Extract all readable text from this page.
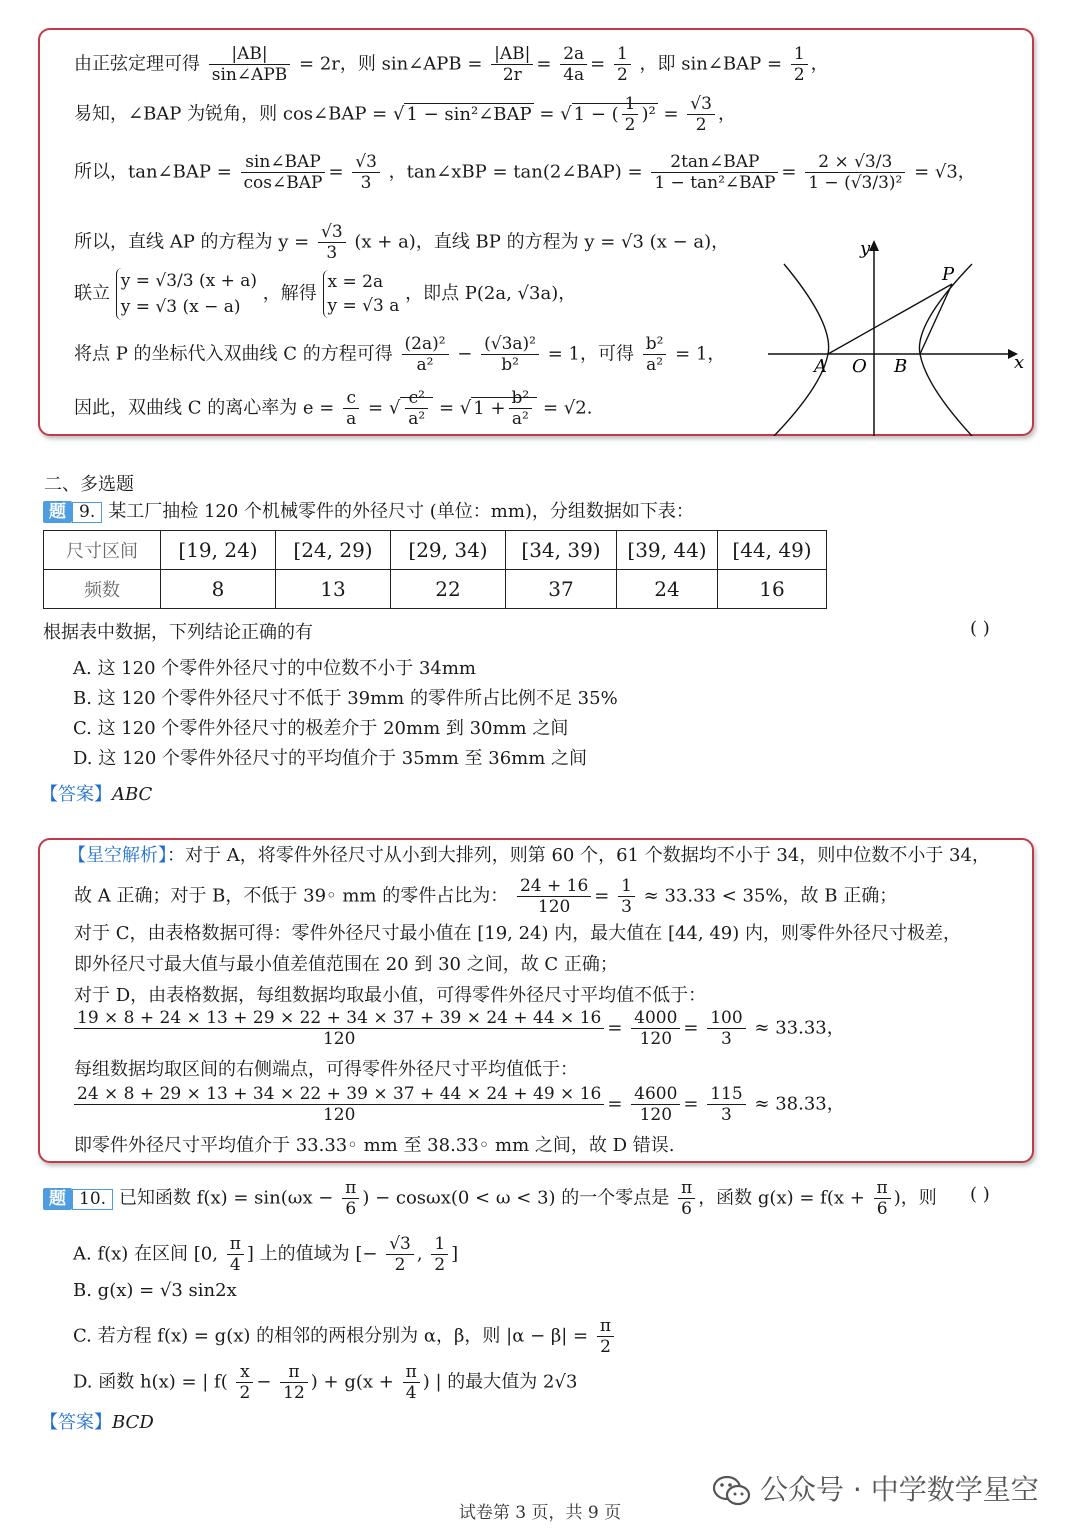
由正弦定理可得 $\frac{|AB|}{\text{sin∠APB}} = 2r$，则 sin∠APB = $\frac{|AB|}{2r} = \frac{2a}{4a} = \frac{1}{2}$ ，即 sin∠BAP = $\frac{1}{2}$ ，
易知，∠BAP 为锐角，则 cos∠BAP = √ 1 − sin²∠BAP = √ 1 − ( $\frac{1}{2} )^2 = \frac{√3}{2}$ ，
所以，tan∠BAP = $\frac{\text{sin∠BAP}}{\text{cos∠BAP}} = \frac{√3}{3}$ ，tan∠xBP = tan(2∠BAP) = $\frac{\text{2tan∠BAP}}{\text{1 − tan²∠BAP}} = \frac{2 \times √3/3}{\text{1 − (√3/3)²}} = √3$，
所以，直线 AP 的方程为 $y = \frac{√3}{3} (x + a)$，直线 BP 的方程为 y = √3 (x − a)，
联立
y = √3/3 (x + a)
y = √3 (x − a)
，解得
x = 2a
y = √3 a
，即点 P(2a, √3a)，
将点 P 的坐标代入双曲线 C 的方程可得 $\frac{\text{(2a)²}}{\text{a²}} - \frac{\text{(√3a)²}}{\text{b²}} = 1$，可得 $\frac{\text{b²}}{\text{a²}} = 1$，
因此，双曲线 C 的离心率为 $e = \frac{c}{a}$ = √ $\frac{\text{c²}}{\text{a²}}$ = √ $1 + \frac{\text{b²}}{\text{a²}} = √2$.
y
x
P
A O B
二、多选题
题 9. 某工厂抽检 120 个机械零件的外径尺寸 (单位：mm)，分组数据如下表：
尺寸区间	[19, 24)	[24, 29)	[29, 34)	[34, 39)	[39, 44)	[44, 49)
频数	8	13	22	37	24	16
根据表中数据，下列结论正确的有	( )
A. 这 120 个零件外径尺寸的中位数不小于 34mm
B. 这 120 个零件外径尺寸不低于 39mm 的零件所占比例不足 35%
C. 这 120 个零件外径尺寸的极差介于 20mm 到 30mm 之间
D. 这 120 个零件外径尺寸的平均值介于 35mm 至 36mm 之间
【答案】ABC
【星空解析】：对于 A，将零件外径尺寸从小到大排列，则第 60 个，61 个数据均不小于 34，则中位数不小于 34，
故 A 正确；对于 B，不低于 39◦ mm 的零件占比为： $\frac{24 + 16}{120} = \frac{1}{3} \approx 33.33 < 35\%$，故 B 正确；
对于 C，由表格数据可得：零件外径尺寸最小值在 [19, 24) 内，最大值在 [44, 49) 内，则零件外径尺寸极差，
即外径尺寸最大值与最小值差值范围在 20 到 30 之间，故 C 正确；
对于 D，由表格数据，每组数据均取最小值，可得零件外径尺寸平均值不低于：
$\frac{19 \times 8 + 24 \times 13 + 29 \times 22 + 34 \times 37 + 39 \times 24 + 44 \times 16}{120} = \frac{4000}{120} = \frac{100}{3} \approx 33.33$，
每组数据均取区间的右侧端点，可得零件外径尺寸平均值低于：
$\frac{24 \times 8 + 29 \times 13 + 34 \times 22 + 39 \times 37 + 44 \times 24 + 49 \times 16}{120} = \frac{4600}{120} = \frac{115}{3} \approx 38.33$，
即零件外径尺寸平均值介于 33.33◦ mm 至 38.33◦ mm 之间，故 D 错误.
题 10. 已知函数 $f(x) = \sin(\omega x - \frac{\pi}{6}$ ) − cosωx(0 < ω < 3) 的一个零点是 $\frac{\pi}{6}$ ，函数 $g(x) = f(x + \frac{\pi}{6}$ )，则 ( )
A. f(x) 在区间 [0, $\frac{\pi}{4}$ ] 上的值域为 [− $\frac{√3}{2}$ , $\frac{1}{2}$ ]
B. g(x) = √3 sin2x
C. 若方程 f(x) = g(x) 的相邻的两根分别为 α，β，则 $|\alpha - \beta| = \frac{\pi}{2}$
D. 函数 h(x) = | $f( \frac{x}{2} - \frac{\pi}{12}$ ) + $g(x + \frac{\pi}{4}$ ) | 的最大值为 2√3
【答案】BCD
公众号 · 中学数学星空
试卷第 3 页，共 9 页
